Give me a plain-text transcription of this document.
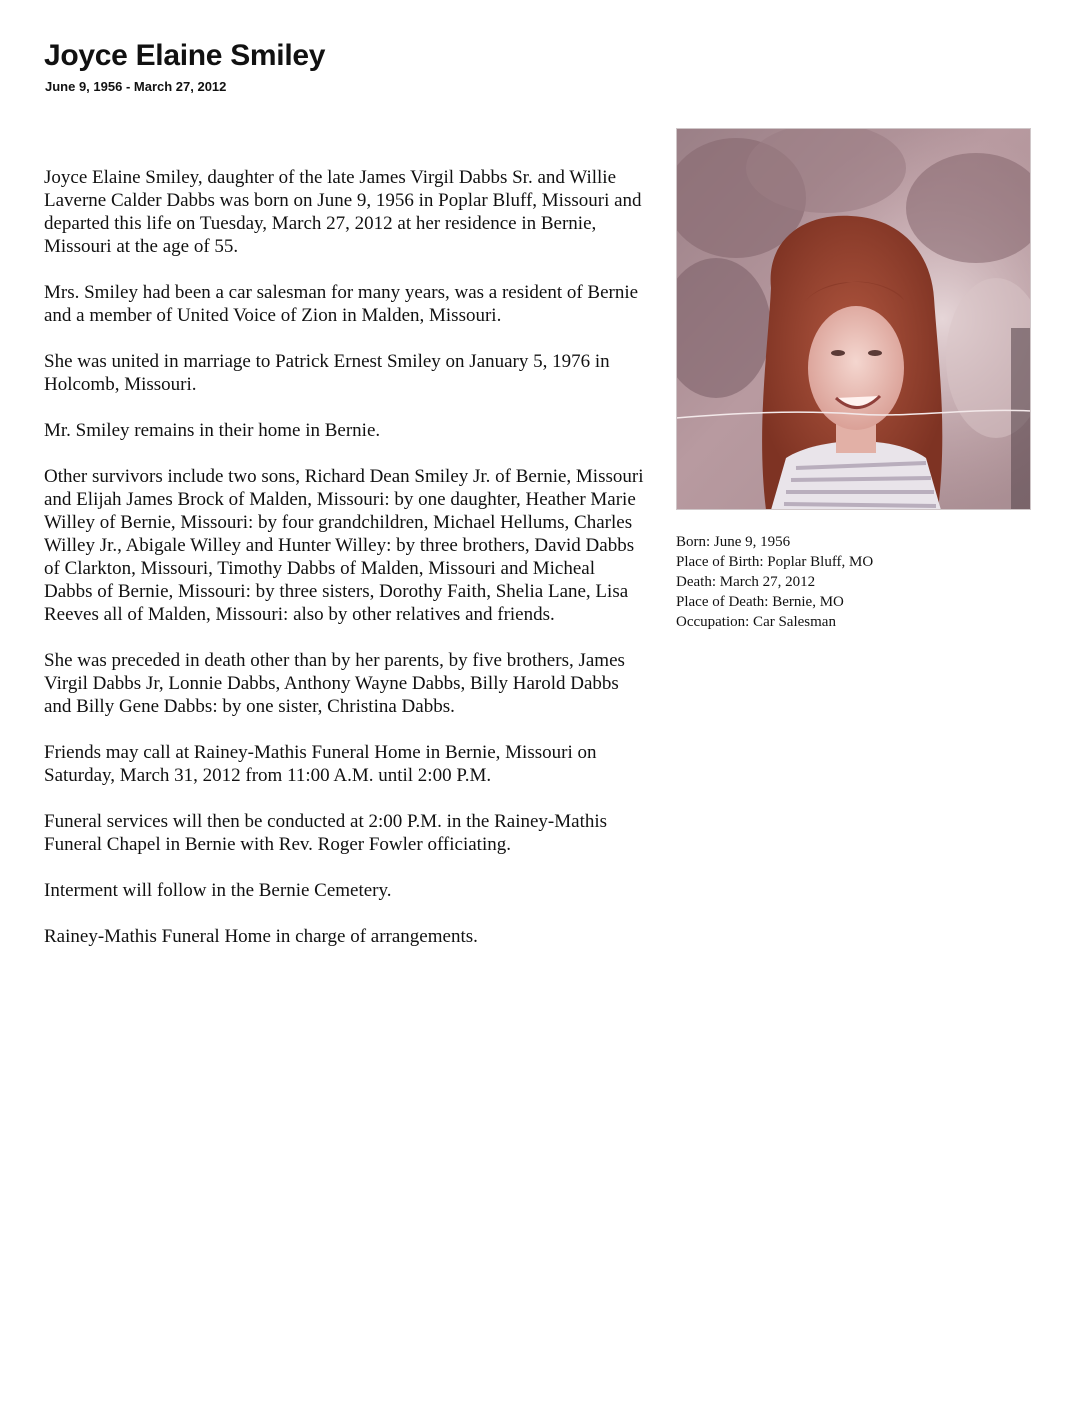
Joyce Elaine Smiley
June 9, 1956 - March 27, 2012

Joyce Elaine Smiley, daughter of the late James Virgil Dabbs Sr. and Willie Laverne Calder Dabbs was born on June 9, 1956 in Poplar Bluff, Missouri and departed this life on Tuesday, March 27, 2012 at her residence in Bernie, Missouri at the age of 55.

Mrs. Smiley had been a car salesman for many years, was a resident of Bernie and a member of United Voice of Zion in Malden, Missouri.

She was united in marriage to Patrick Ernest Smiley on January 5, 1976 in Holcomb, Missouri.

Mr. Smiley remains in their home in Bernie.

Other survivors include two sons, Richard Dean Smiley Jr. of Bernie, Missouri and Elijah James Brock of Malden, Missouri: by one daughter, Heather Marie Willey of Bernie, Missouri: by four grandchildren, Michael Hellums, Charles Willey Jr., Abigale Willey and Hunter Willey: by three brothers, David Dabbs of Clarkton, Missouri, Timothy Dabbs of Malden, Missouri and Micheal Dabbs of Bernie, Missouri: by three sisters, Dorothy Faith, Shelia Lane, Lisa Reeves all of Malden, Missouri: also by other relatives and friends.

She was preceded in death other than by her parents, by five brothers, James Virgil Dabbs Jr, Lonnie Dabbs, Anthony Wayne Dabbs, Billy Harold Dabbs and Billy Gene Dabbs: by one sister, Christina Dabbs.

Friends may call at Rainey-Mathis Funeral Home in Bernie, Missouri on Saturday, March 31, 2012 from 11:00 A.M. until 2:00 P.M.

Funeral services will then be conducted at 2:00 P.M. in the Rainey-Mathis Funeral Chapel in Bernie with Rev. Roger Fowler officiating.

Interment will follow in the Bernie Cemetery.

Rainey-Mathis Funeral Home in charge of arrangements.

Born: June 9, 1956
Place of Birth: Poplar Bluff, MO
Death: March 27, 2012
Place of Death: Bernie, MO
Occupation: Car Salesman
